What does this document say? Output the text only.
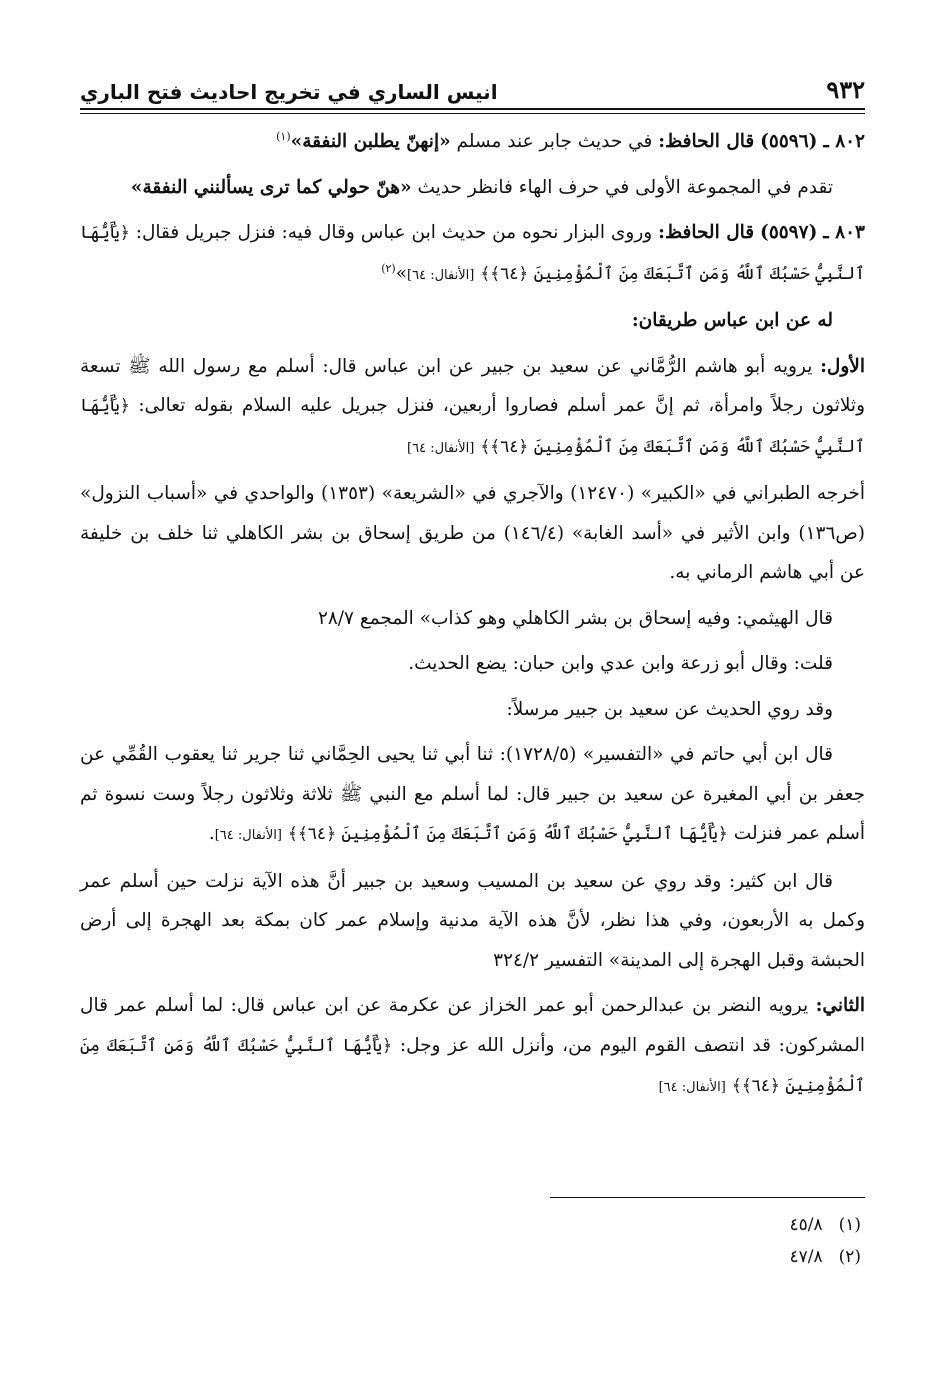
٩٣٢
انيس الساري في تخريج احاديث فتح الباري

٨٠٢ ـ (٥٥٩٦) قال الحافظ: في حديث جابر عند مسلم «إنهنّ يطلبن النفقة»$^{(١)}$

تقدم في المجموعة الأولى في حرف الهاء فانظر حديث «هنّ حولي كما ترى يسألنني النفقة»

٨٠٣ ـ (٥٥٩٧) قال الحافظ: وروى البزار نحوه من حديث ابن عباس وقال فيه: فنزل جبريل فقال: ﴿يَٰأَيُّهَا ٱلنَّبِيُّ حَسْبُكَ ٱللَّهُ وَمَنِ ٱتَّبَعَكَ مِنَ ٱلْمُؤْمِنِينَ ﴿٦٤﴾﴾ [الأنفال: ٦٤]»$^{(٢)}$

له عن ابن عباس طريقان:

الأول: يرويه أبو هاشم الرُّمَّاني عن سعيد بن جبير عن ابن عباس قال: أسلم مع رسول الله ﷺ تسعة وثلاثون رجلاً وامرأة، ثم إنَّ عمر أسلم فصاروا أربعين، فنزل جبريل عليه السلام بقوله تعالى: ﴿يَٰأَيُّهَا ٱلنَّبِيُّ حَسْبُكَ ٱللَّهُ وَمَنِ ٱتَّبَعَكَ مِنَ ٱلْمُؤْمِنِينَ ﴿٦٤﴾﴾ [الأنفال: ٦٤]

أخرجه الطبراني في «الكبير» (١٢٤٧٠) والآجري في «الشريعة» (١٣٥٣) والواحدي في «أسباب النزول» (ص١٣٦) وابن الأثير في «أسد الغابة» (١٤٦/٤) من طريق إسحاق بن بشر الكاهلي ثنا خلف بن خليفة عن أبي هاشم الرماني به.

قال الهيثمي: وفيه إسحاق بن بشر الكاهلي وهو كذاب» المجمع ٢٨/٧

قلت: وقال أبو زرعة وابن عدي وابن حبان: يضع الحديث.

وقد روي الحديث عن سعيد بن جبير مرسلاً:

قال ابن أبي حاتم في «التفسير» (١٧٢٨/٥): ثنا أبي ثنا يحيى الحِمَّاني ثنا جرير ثنا يعقوب القُمِّي عن جعفر بن أبي المغيرة عن سعيد بن جبير قال: لما أسلم مع النبي ﷺ ثلاثة وثلاثون رجلاً وست نسوة ثم أسلم عمر فنزلت ﴿يَٰأَيُّهَا ٱلنَّبِيُّ حَسْبُكَ ٱللَّهُ وَمَنِ ٱتَّبَعَكَ مِنَ ٱلْمُؤْمِنِينَ ﴿٦٤﴾﴾ [الأنفال: ٦٤].

قال ابن كثير: وقد روي عن سعيد بن المسيب وسعيد بن جبير أنَّ هذه الآية نزلت حين أسلم عمر وكمل به الأربعون، وفي هذا نظر، لأنَّ هذه الآية مدنية وإسلام عمر كان بمكة بعد الهجرة إلى أرض الحبشة وقبل الهجرة إلى المدينة» التفسير ٣٢٤/٢

الثاني: يرويه النضر بن عبدالرحمن أبو عمر الخزاز عن عكرمة عن ابن عباس قال: لما أسلم عمر قال المشركون: قد انتصف القوم اليوم من، وأنزل الله عز وجل: ﴿يَٰأَيُّهَا ٱلنَّبِيُّ حَسْبُكَ ٱللَّهُ وَمَنِ ٱتَّبَعَكَ مِنَ ٱلْمُؤْمِنِينَ ﴿٦٤﴾﴾ [الأنفال: ٦٤]

(١)
٤٥/٨
(٢)
٤٧/٨
